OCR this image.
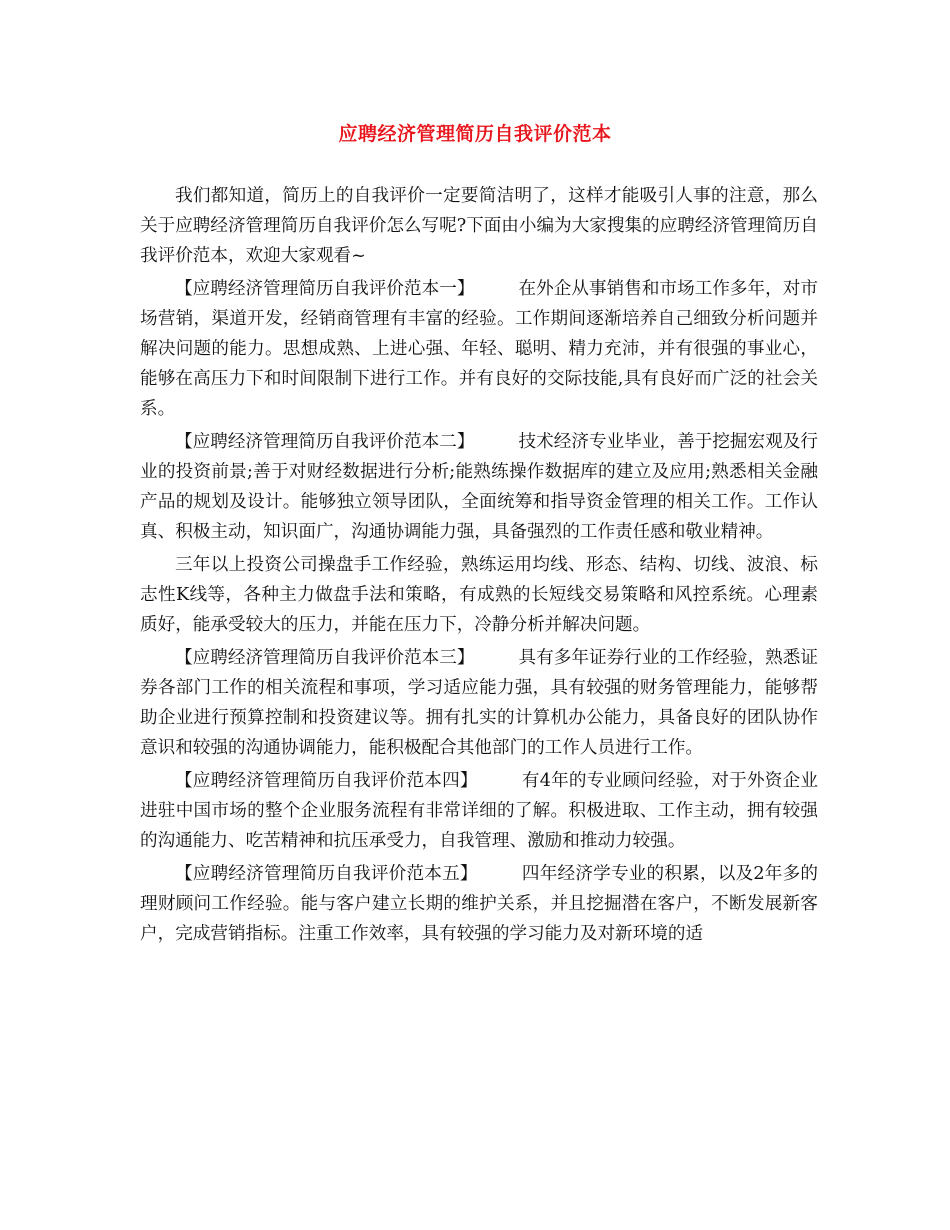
应聘经济管理简历自我评价范本

我们都知道，简历上的自我评价一定要简洁明了，这样才能吸引人事的注意，那么关于应聘经济管理简历自我评价怎么写呢?下面由小编为大家搜集的应聘经济管理简历自我评价范本，欢迎大家观看~

【应聘经济管理简历自我评价范本一】	在外企从事销售和市场工作多年，对市场营销，渠道开发，经销商管理有丰富的经验。工作期间逐渐培养自己细致分析问题并解决问题的能力。思想成熟、上进心强、年轻、聪明、精力充沛，并有很强的事业心，能够在高压力下和时间限制下进行工作。并有良好的交际技能,具有良好而广泛的社会关系。

【应聘经济管理简历自我评价范本二】	技术经济专业毕业，善于挖掘宏观及行业的投资前景;善于对财经数据进行分析;能熟练操作数据库的建立及应用;熟悉相关金融产品的规划及设计。能够独立领导团队，全面统筹和指导资金管理的相关工作。工作认真、积极主动，知识面广，沟通协调能力强，具备强烈的工作责任感和敬业精神。

三年以上投资公司操盘手工作经验，熟练运用均线、形态、结构、切线、波浪、标志性K线等，各种主力做盘手法和策略，有成熟的长短线交易策略和风控系统。心理素质好，能承受较大的压力，并能在压力下，冷静分析并解决问题。

【应聘经济管理简历自我评价范本三】	具有多年证券行业的工作经验，熟悉证券各部门工作的相关流程和事项，学习适应能力强，具有较强的财务管理能力，能够帮助企业进行预算控制和投资建议等。拥有扎实的计算机办公能力，具备良好的团队协作意识和较强的沟通协调能力，能积极配合其他部门的工作人员进行工作。

【应聘经济管理简历自我评价范本四】	有4年的专业顾问经验，对于外资企业进驻中国市场的整个企业服务流程有非常详细的了解。积极进取、工作主动，拥有较强的沟通能力、吃苦精神和抗压承受力，自我管理、激励和推动力较强。

【应聘经济管理简历自我评价范本五】	四年经济学专业的积累，以及2年多的理财顾问工作经验。能与客户建立长期的维护关系，并且挖掘潜在客户，不断发展新客户，完成营销指标。注重工作效率，具有较强的学习能力及对新环境的适
